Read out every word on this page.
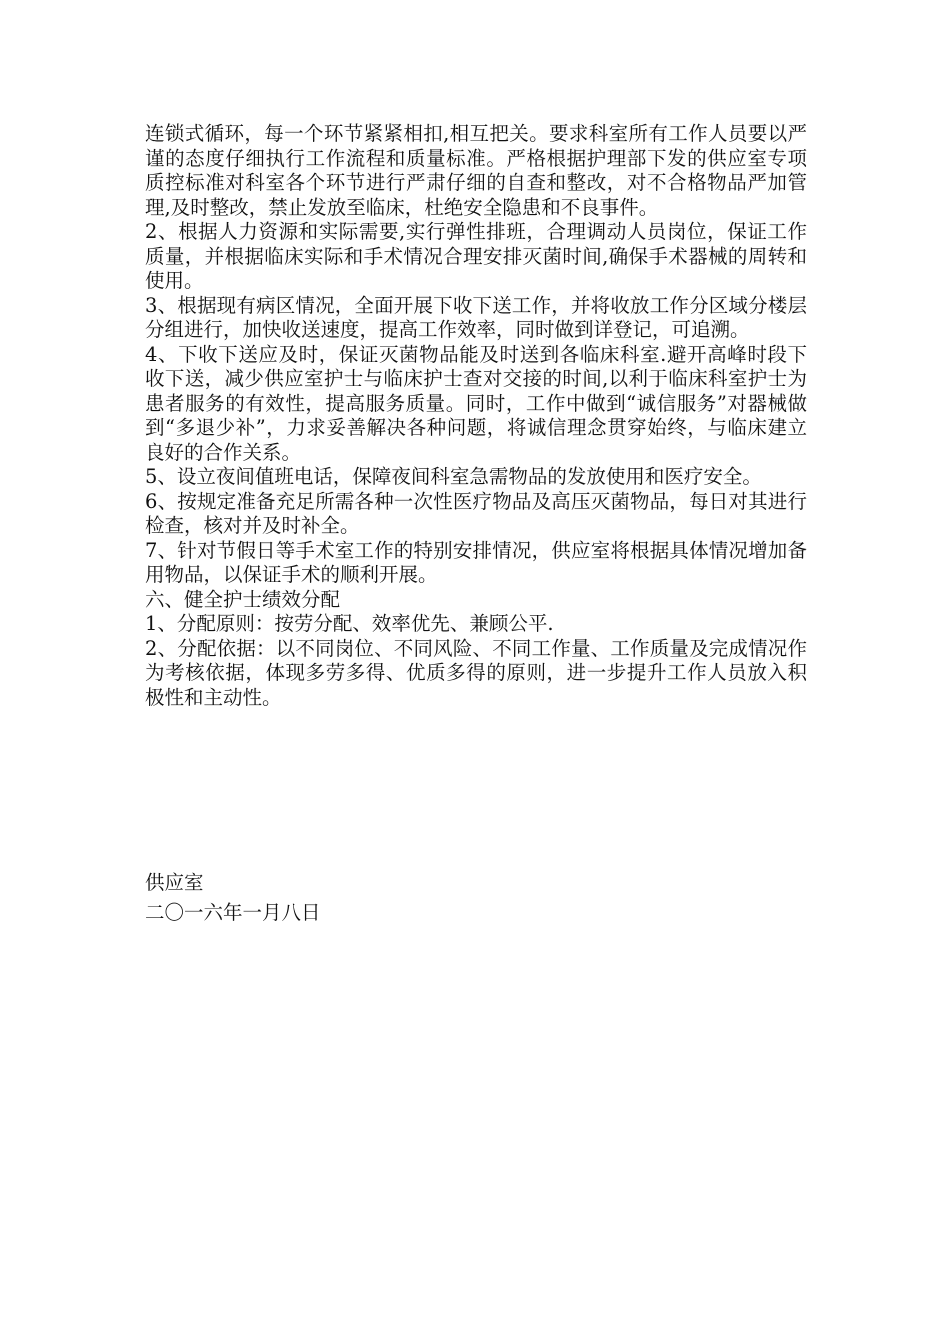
连锁式循环，每一个环节紧紧相扣,相互把关。要求科室所有工作人员要以严谨的态度仔细执行工作流程和质量标准。严格根据护理部下发的供应室专项质控标准对科室各个环节进行严肃仔细的自查和整改，对不合格物品严加管理,及时整改，禁止发放至临床，杜绝安全隐患和不良事件。

2、根据人力资源和实际需要,实行弹性排班，合理调动人员岗位，保证工作质量，并根据临床实际和手术情况合理安排灭菌时间,确保手术器械的周转和使用。

3、根据现有病区情况，全面开展下收下送工作，并将收放工作分区域分楼层分组进行，加快收送速度，提高工作效率，同时做到详登记，可追溯。

4、下收下送应及时，保证灭菌物品能及时送到各临床科室.避开高峰时段下收下送，减少供应室护士与临床护士查对交接的时间,以利于临床科室护士为患者服务的有效性，提高服务质量。同时，工作中做到“诚信服务”对器械做到“多退少补”，力求妥善解决各种问题，将诚信理念贯穿始终，与临床建立良好的合作关系。

5、设立夜间值班电话，保障夜间科室急需物品的发放使用和医疗安全。

6、按规定准备充足所需各种一次性医疗物品及高压灭菌物品，每日对其进行检查，核对并及时补全。

7、针对节假日等手术室工作的特别安排情况，供应室将根据具体情况增加备用物品，以保证手术的顺利开展。

六、健全护士绩效分配

1、分配原则：按劳分配、效率优先、兼顾公平.

2、分配依据：以不同岗位、不同风险、不同工作量、工作质量及完成情况作为考核依据，体现多劳多得、优质多得的原则，进一步提升工作人员放入积极性和主动性。

供应室

二〇一六年一月八日
